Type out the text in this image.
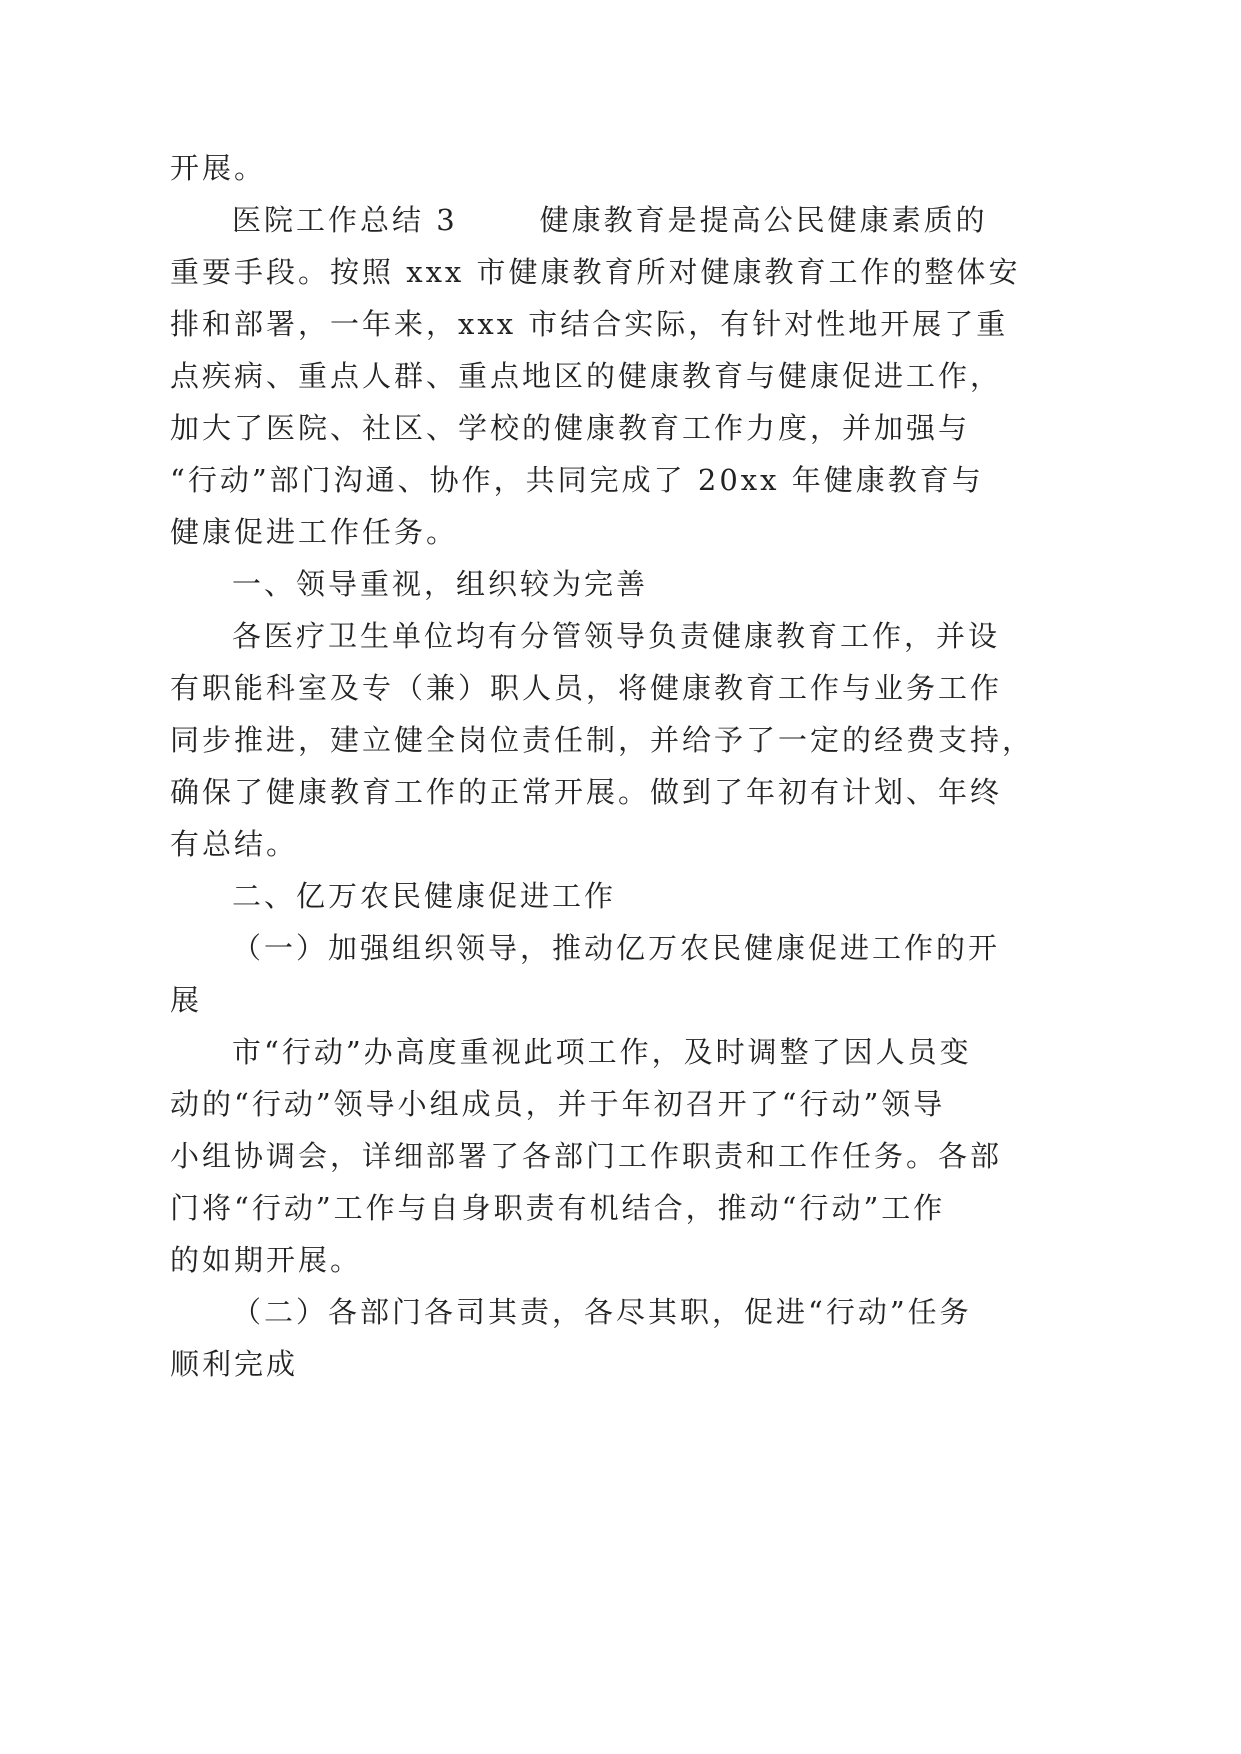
开展。
医院工作总结 3	健康教育是提高公民健康素质的
重要手段。按照 xxx 市健康教育所对健康教育工作的整体安
排和部署，一年来，xxx 市结合实际，有针对性地开展了重
点疾病、重点人群、重点地区的健康教育与健康促进工作，
加大了医院、社区、学校的健康教育工作力度，并加强与
“行动”部门沟通、协作，共同完成了 20xx 年健康教育与
健康促进工作任务。
一、领导重视，组织较为完善
各医疗卫生单位均有分管领导负责健康教育工作，并设
有职能科室及专（兼）职人员，将健康教育工作与业务工作
同步推进，建立健全岗位责任制，并给予了一定的经费支持，
确保了健康教育工作的正常开展。做到了年初有计划、年终
有总结。
二、亿万农民健康促进工作
（一）加强组织领导，推动亿万农民健康促进工作的开
展
市“行动”办高度重视此项工作，及时调整了因人员变
动的“行动”领导小组成员，并于年初召开了“行动”领导
小组协调会，详细部署了各部门工作职责和工作任务。各部
门将“行动”工作与自身职责有机结合，推动“行动”工作
的如期开展。
（二）各部门各司其责，各尽其职，促进“行动”任务
顺利完成
